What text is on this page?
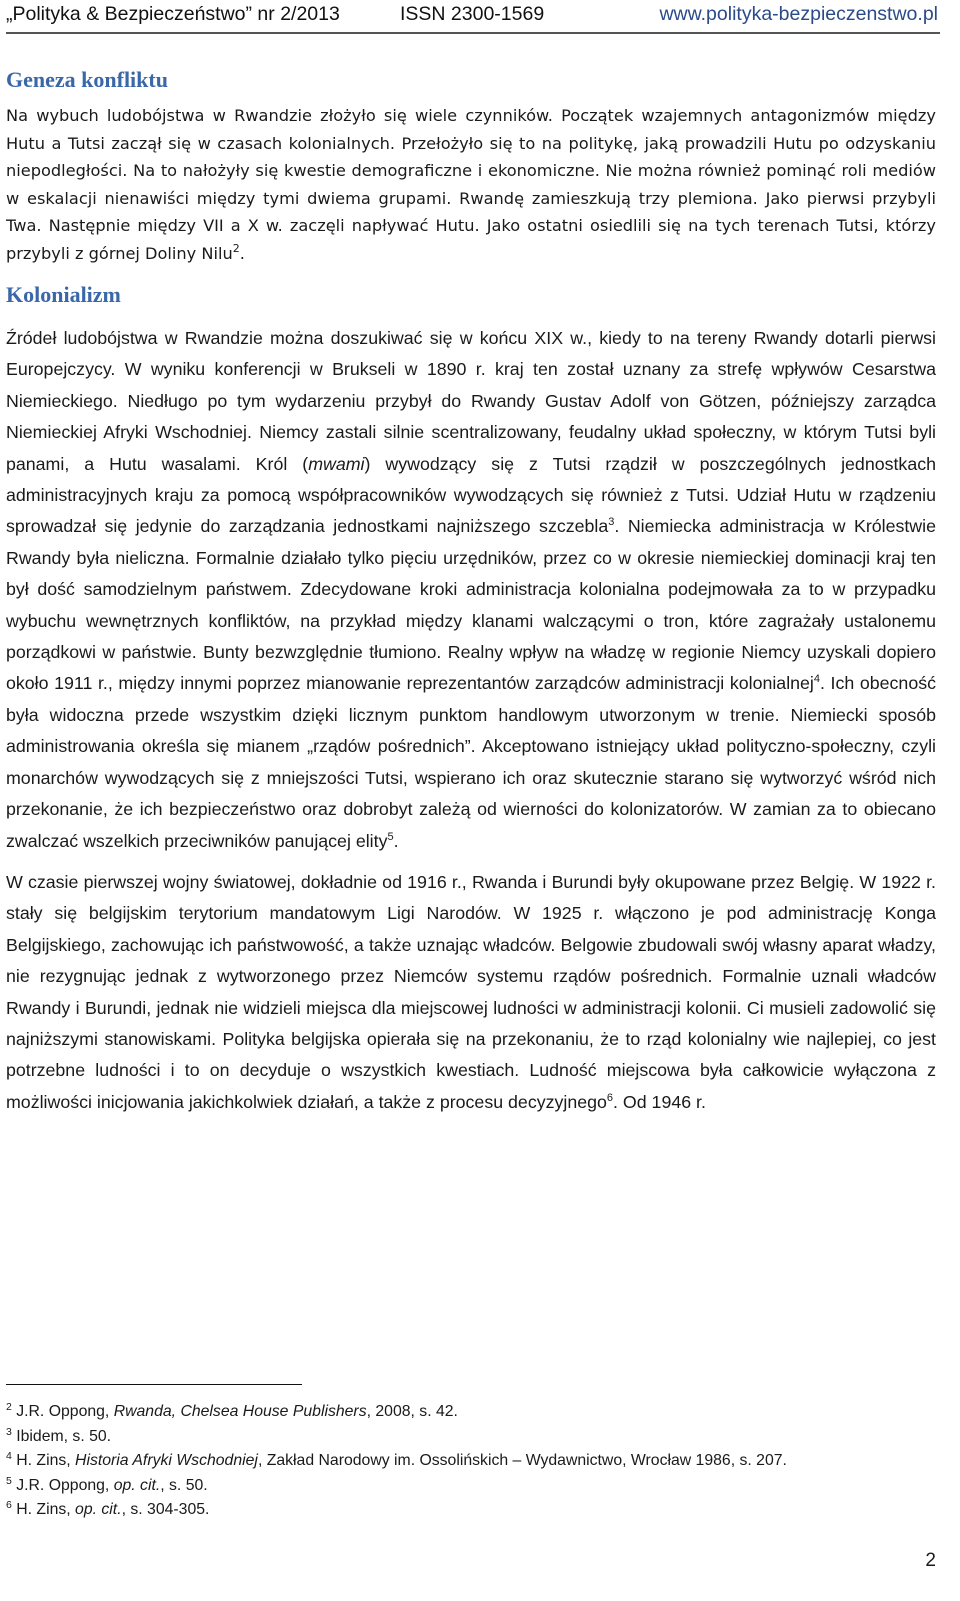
„Polityka & Bezpieczeństwo” nr 2/2013	ISSN 2300-1569	www.polityka-bezpieczenstwo.pl
Geneza konfliktu

Na wybuch ludobójstwa w Rwandzie złożyło się wiele czynników. Początek wzajemnych antagonizmów między Hutu a Tutsi zaczął się w czasach kolonialnych. Przełożyło się to na politykę, jaką prowadzili Hutu po odzyskaniu niepodległości. Na to nałożyły się kwestie demograficzne i ekonomiczne. Nie można również pominąć roli mediów w eskalacji nienawiści między tymi dwiema grupami. Rwandę zamieszkują trzy plemiona. Jako pierwsi przybyli Twa. Następnie między VII a X w. zaczęli napływać Hutu. Jako ostatni osiedlili się na tych terenach Tutsi, którzy przybyli z górnej Doliny Nilu$^2$.

Kolonializm

Źródeł ludobójstwa w Rwandzie można doszukiwać się w końcu XIX w., kiedy to na tereny Rwandy dotarli pierwsi Europejczycy. W wyniku konferencji w Brukseli w 1890 r. kraj ten został uznany za strefę wpływów Cesarstwa Niemieckiego. Niedługo po tym wydarzeniu przybył do Rwandy Gustav Adolf von Götzen, późniejszy zarządca Niemieckiej Afryki Wschodniej. Niemcy zastali silnie scentralizowany, feudalny układ społeczny, w którym Tutsi byli panami, a Hutu wasalami. Król (mwami) wywodzący się z Tutsi rządził w poszczególnych jednostkach administracyjnych kraju za pomocą współpracowników wywodzących się również z Tutsi. Udział Hutu w rządzeniu sprowadzał się jedynie do zarządzania jednostkami najniższego szczebla$^3$. Niemiecka administracja w Królestwie Rwandy była nieliczna. Formalnie działało tylko pięciu urzędników, przez co w okresie niemieckiej dominacji kraj ten był dość samodzielnym państwem. Zdecydowane kroki administracja kolonialna podejmowała za to w przypadku wybuchu wewnętrznych konfliktów, na przykład między klanami walczącymi o tron, które zagrażały ustalonemu porządkowi w państwie. Bunty bezwzględnie tłumiono. Realny wpływ na władzę w regionie Niemcy uzyskali dopiero około 1911 r., między innymi poprzez mianowanie reprezentantów zarządców administracji kolonialnej$^4$. Ich obecność była widoczna przede wszystkim dzięki licznym punktom handlowym utworzonym w trenie. Niemiecki sposób administrowania określa się mianem „rządów pośrednich”. Akceptowano istniejący układ polityczno-społeczny, czyli monarchów wywodzących się z mniejszości Tutsi, wspierano ich oraz skutecznie starano się wytworzyć wśród nich przekonanie, że ich bezpieczeństwo oraz dobrobyt zależą od wierności do kolonizatorów. W zamian za to obiecano zwalczać wszelkich przeciwników panującej elity$^5$.

W czasie pierwszej wojny światowej, dokładnie od 1916 r., Rwanda i Burundi były okupowane przez Belgię. W 1922 r. stały się belgijskim terytorium mandatowym Ligi Narodów. W 1925 r. włączono je pod administrację Konga Belgijskiego, zachowując ich państwowość, a także uznając władców. Belgowie zbudowali swój własny aparat władzy, nie rezygnując jednak z wytworzonego przez Niemców systemu rządów pośrednich. Formalnie uznali władców Rwandy i Burundi, jednak nie widzieli miejsca dla miejscowej ludności w administracji kolonii. Ci musieli zadowolić się najniższymi stanowiskami. Polityka belgijska opierała się na przekonaniu, że to rząd kolonialny wie najlepiej, co jest potrzebne ludności i to on decyduje o wszystkich kwestiach. Ludność miejscowa była całkowicie wyłączona z możliwości inicjowania jakichkolwiek działań, a także z procesu decyzyjnego$^6$. Od 1946 r.

$^2$ J.R. Oppong, Rwanda, Chelsea House Publishers, 2008, s. 42.

$^3$ Ibidem, s. 50.

$^4$ H. Zins, Historia Afryki Wschodniej, Zakład Narodowy im. Ossolińskich – Wydawnictwo, Wrocław 1986, s. 207.

$^5$ J.R. Oppong, op. cit., s. 50.

$^6$ H. Zins, op. cit., s. 304-305.

2
